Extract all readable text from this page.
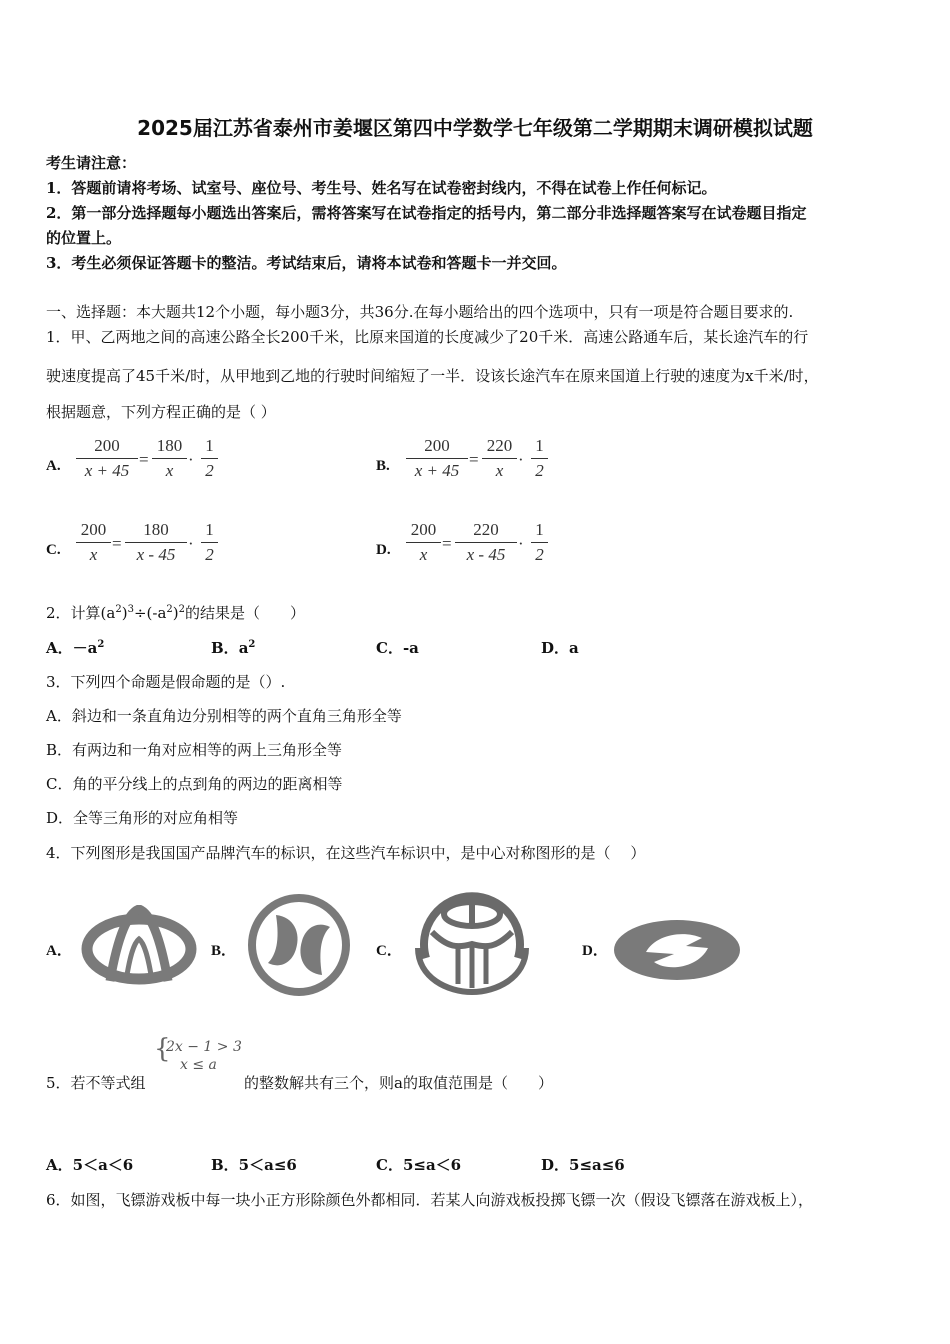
2025届江苏省泰州市姜堰区第四中学数学七年级第二学期期末调研模拟试题
考生请注意：
1．答题前请将考场、试室号、座位号、考生号、姓名写在试卷密封线内，不得在试卷上作任何标记。
2．第一部分选择题每小题选出答案后，需将答案写在试卷指定的括号内，第二部分非选择题答案写在试卷题目指定
的位置上。
3．考生必须保证答题卡的整洁。考试结束后，请将本试卷和答题卡一并交回。
一、选择题：本大题共12个小题，每小题3分，共36分.在每小题给出的四个选项中，只有一项是符合题目要求的.
1．甲、乙两地之间的高速公路全长200千米，比原来国道的长度减少了20千米．高速公路通车后，某长途汽车的行
驶速度提高了45千米/时，从甲地到乙地的行驶时间缩短了一半．设该长途汽车在原来国道上行驶的速度为x千米/时，
根据题意，下列方程正确的是（ ）
A.
200
x + 45
=
180
x
·
1
2	B.
200
x + 45
=
220
x
·
1
2
C.
200
x
=
180
x - 45
·
1
2	D.
200
x
=
220
x - 45
·
1
2
2．计算$(a^2)^3\div(-a^2)^2$的结果是（　　）
A．$-a^2$	B．$a^2$	C．-a	D．a
3．下列四个命题是假命题的是（）.
A．斜边和一条直角边分别相等的两个直角三角形全等
B．有两边和一角对应相等的两上三角形全等
C．角的平分线上的点到角的两边的距离相等
D．全等三角形的对应角相等
4．下列图形是我国国产品牌汽车的标识，在这些汽车标识中，是中心对称图形的是（　 ）
A．	B．	C．	D．
5．若不等式组
{
2x − 1 > 3
x ≤ a
的整数解共有三个，则a的取值范围是（　　）
A．5＜a＜6	B．5＜a≤6	C．5≤a＜6	D．5≤a≤6
6．如图，飞镖游戏板中每一块小正方形除颜色外都相同．若某人向游戏板投掷飞镖一次（假设飞镖落在游戏板上），
